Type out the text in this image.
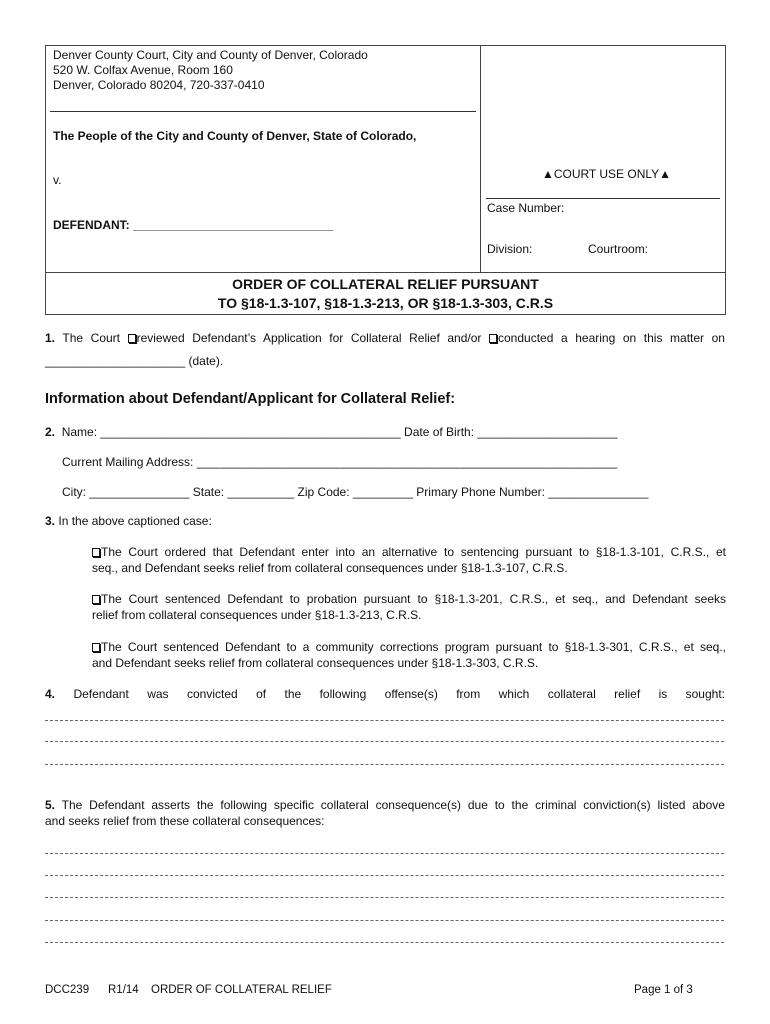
Denver County Court, City and County of Denver, Colorado
520 W. Colfax Avenue, Room 160
Denver, Colorado 80204, 720-337-0410
The People of the City and County of Denver, State of Colorado,
v.
DEFENDANT: ______________________________
▲COURT USE ONLY▲
Case Number:
Division:	Courtroom:
ORDER OF COLLATERAL RELIEF PURSUANT
TO §18-1.3-107, §18-1.3-213, OR §18-1.3-303, C.R.S
1. The Court reviewed Defendant’s Application for Collateral Relief and/or conducted a hearing on this matter on
_____________________ (date).
Information about Defendant/Applicant for Collateral Relief:
2. Name: _____________________________________________ Date of Birth: _____________________
Current Mailing Address: _______________________________________________________________
City: _______________ State: __________ Zip Code: _________ Primary Phone Number: _______________
3. In the above captioned case:
The Court ordered that Defendant enter into an alternative to sentencing pursuant to §18-1.3-101, C.R.S., et
seq., and Defendant seeks relief from collateral consequences under §18-1.3-107, C.R.S.
The Court sentenced Defendant to probation pursuant to §18-1.3-201, C.R.S., et seq., and Defendant seeks
relief from collateral consequences under §18-1.3-213, C.R.S.
The Court sentenced Defendant to a community corrections program pursuant to §18-1.3-301, C.R.S., et seq.,
and Defendant seeks relief from collateral consequences under §18-1.3-303, C.R.S.
4. Defendant was convicted of the following offense(s) from which collateral relief is sought:
5. The Defendant asserts the following specific collateral consequence(s) due to the criminal conviction(s) listed above
and seeks relief from these collateral consequences:
DCC239 R1/14 ORDER OF COLLATERAL RELIEF	Page 1 of 3
